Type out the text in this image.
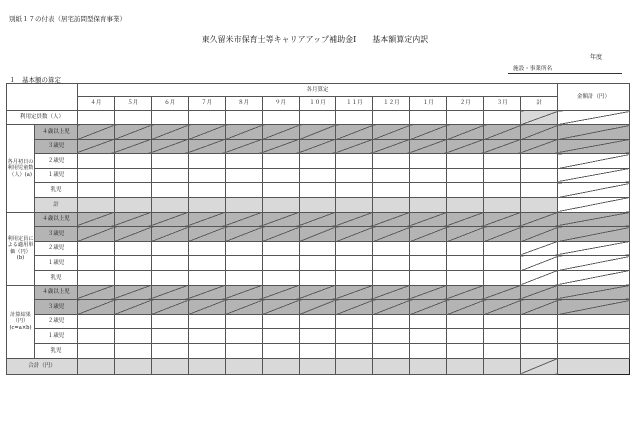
別紙１７の付表（居宅訪問型保育事業）
東久留米市保育士等キャリアアップ補助金Ⅰ　　基本額算定内訳
年度
施設・事業所名
１　基本額の算定
		各月算定													金額計（円）
		４月	５月	６月	７月	８月	９月	１０月	１１月	１２月	１月	２月	３月	計	
利用定員数（人）															
各月初日の利用児童数（人）(a)	４歳以上児														
	３歳児														
	２歳児														
	１歳児														
	乳児														
	計														
利用定員による適用単価（円）(b)	４歳以上児														
	３歳児														
	２歳児														
	１歳児														
	乳児														
計算結果（円）(c=a×b)	４歳以上児														
	３歳児														
	２歳児														
	１歳児														
	乳児														
合計（円）															
